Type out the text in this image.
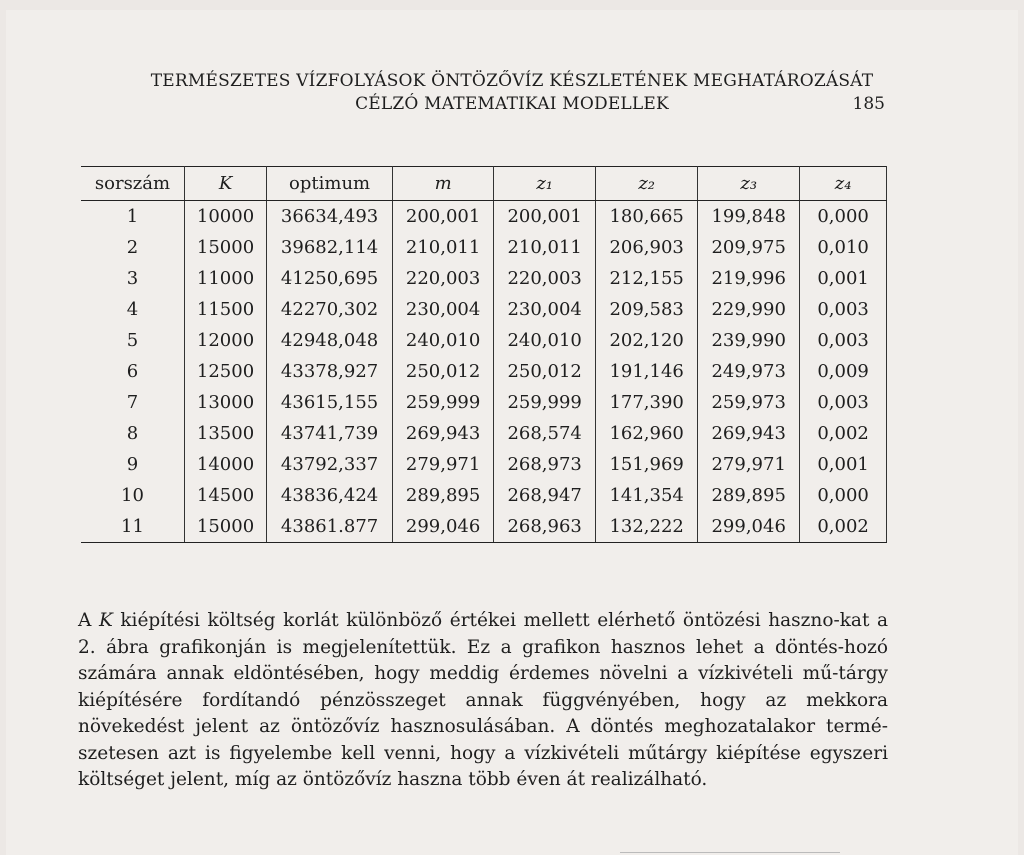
TERMÉSZETES VÍZFOLYÁSOK ÖNTÖZŐVÍZ KÉSZLETÉNEK MEGHATÁROZÁSÁT
CÉLZÓ MATEMATIKAI MODELLEK	185
sorszám	K	optimum	m	z₁	z₂	z₃	z₄
1	10000	36634,493	200,001	200,001	180,665	199,848	0,000
2	15000	39682,114	210,011	210,011	206,903	209,975	0,010
3	11000	41250,695	220,003	220,003	212,155	219,996	0,001
4	11500	42270,302	230,004	230,004	209,583	229,990	0,003
5	12000	42948,048	240,010	240,010	202,120	239,990	0,003
6	12500	43378,927	250,012	250,012	191,146	249,973	0,009
7	13000	43615,155	259,999	259,999	177,390	259,973	0,003
8	13500	43741,739	269,943	268,574	162,960	269,943	0,002
9	14000	43792,337	279,971	268,973	151,969	279,971	0,001
10	14500	43836,424	289,895	268,947	141,354	289,895	0,000
11	15000	43861.877	299,046	268,963	132,222	299,046	0,002
A K kiépítési költség korlát különböző értékei mellett elérhető öntözési haszno-kat a 2. ábra grafikonján is megjelenítettük. Ez a grafikon hasznos lehet a döntés-hozó számára annak eldöntésében, hogy meddig érdemes növelni a vízkivételi mű-tárgy kiépítésére fordítandó pénzösszeget annak függvényében, hogy az mekkora növekedést jelent az öntözővíz hasznosulásában. A döntés meghozatalakor termé-szetesen azt is figyelembe kell venni, hogy a vízkivételi műtárgy kiépítése egyszeri költséget jelent, míg az öntözővíz haszna több éven át realizálható.
